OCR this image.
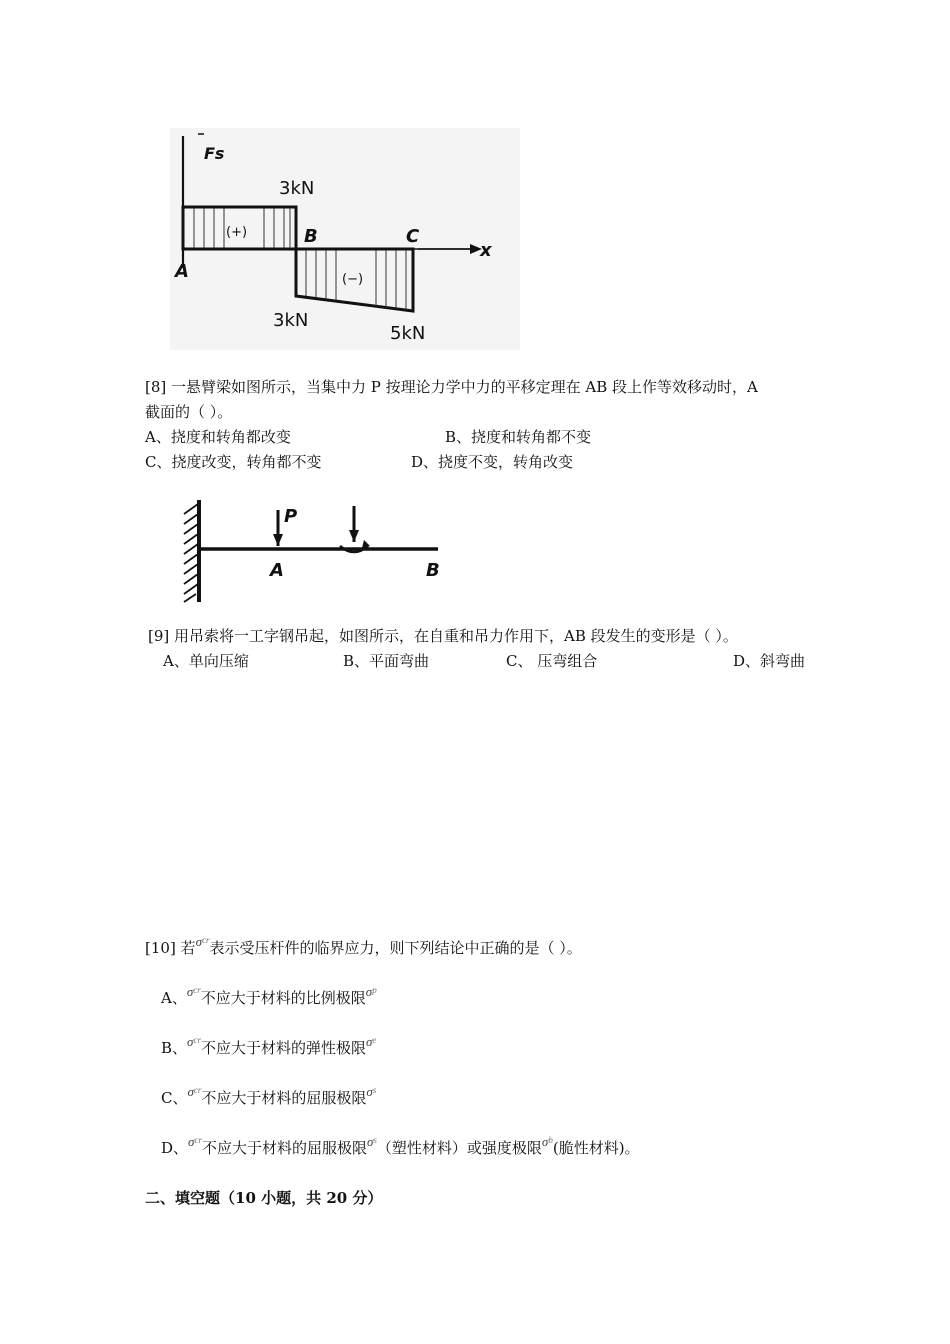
Fs
x
(+)
(−)
3kN
3kN
5kN
A
B	C
[8] 一悬臂梁如图所示，当集中力 P 按理论力学中力的平移定理在 AB 段上作等效移动时，A
截面的（ ）。
A、挠度和转角都改变	B、挠度和转角都不变
C、挠度改变，转角都不变	D、挠度不变，转角改变
P
A	B
[9] 用吊索将一工字钢吊起，如图所示，在自重和吊力作用下，AB 段发生的变形是（ ）。
A、单向压缩	B、平面弯曲	C、 压弯组合	D、斜弯曲
[10] 若$\sigma^{cr}$表示受压杆件的临界应力，则下列结论中正确的是（ ）。
A、$\sigma^{cr}$不应大于材料的比例极限$\sigma^p$
B、$\sigma^{cr}$不应大于材料的弹性极限$\sigma^e$
C、$\sigma^{cr}$不应大于材料的屈服极限$\sigma^s$
D、$\sigma^{cr}$不应大于材料的屈服极限$\sigma^s$（塑性材料）或强度极限$\sigma^b$(脆性材料)。
二、填空题（10 小题，共 20 分）
